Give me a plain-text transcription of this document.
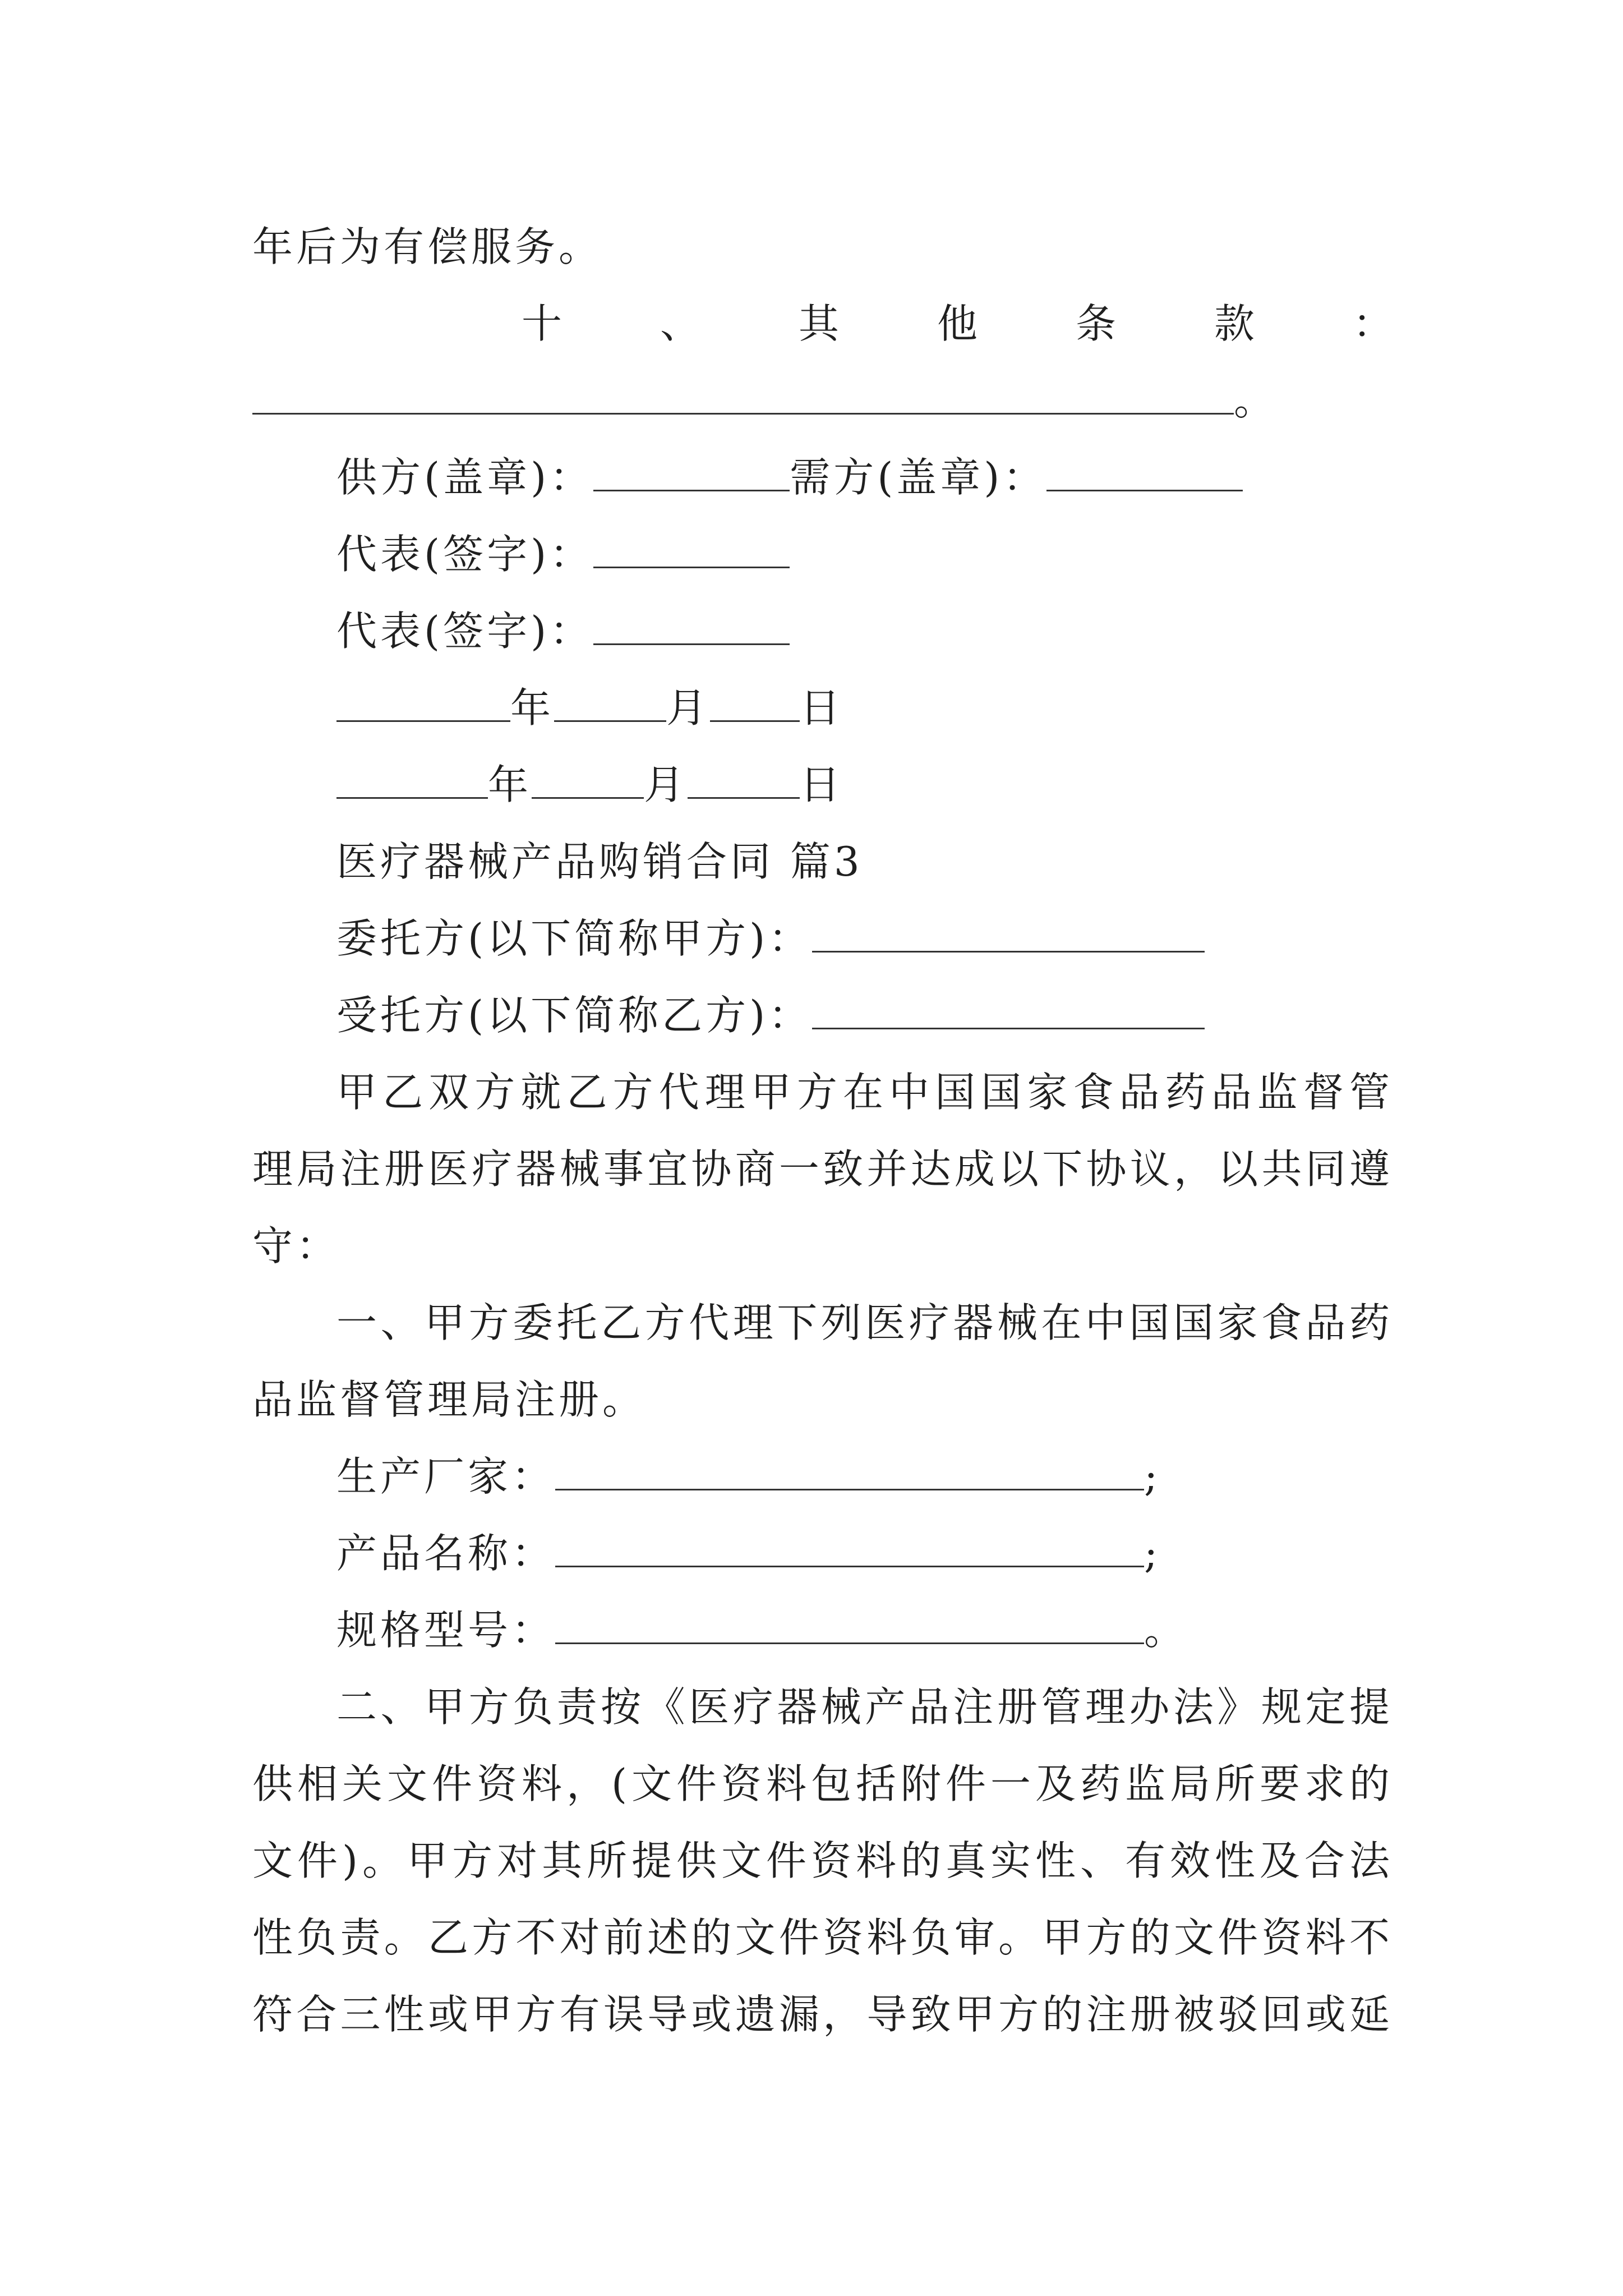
年后为有偿服务。
十、其他条款：
。
供方(盖章)：	需方(盖章)：
代表(签字)：
代表(签字)：
年	月 日
年	月	日
医疗器械产品购销合同 篇3
委托方(以下简称甲方)：
受托方(以下简称乙方)：
甲乙双方就乙方代理甲方在中国国家食品药品监督管
理局注册医疗器械事宜协商一致并达成以下协议，以共同遵
守：
一、甲方委托乙方代理下列医疗器械在中国国家食品药
品监督管理局注册。
生产厂家：	;
产品名称：	;
规格型号：	。
二、甲方负责按《医疗器械产品注册管理办法》规定提
供相关文件资料，(文件资料包括附件一及药监局所要求的
文件)。甲方对其所提供文件资料的真实性、有效性及合法
性负责。乙方不对前述的文件资料负审。甲方的文件资料不
符合三性或甲方有误导或遗漏，导致甲方的注册被驳回或延
